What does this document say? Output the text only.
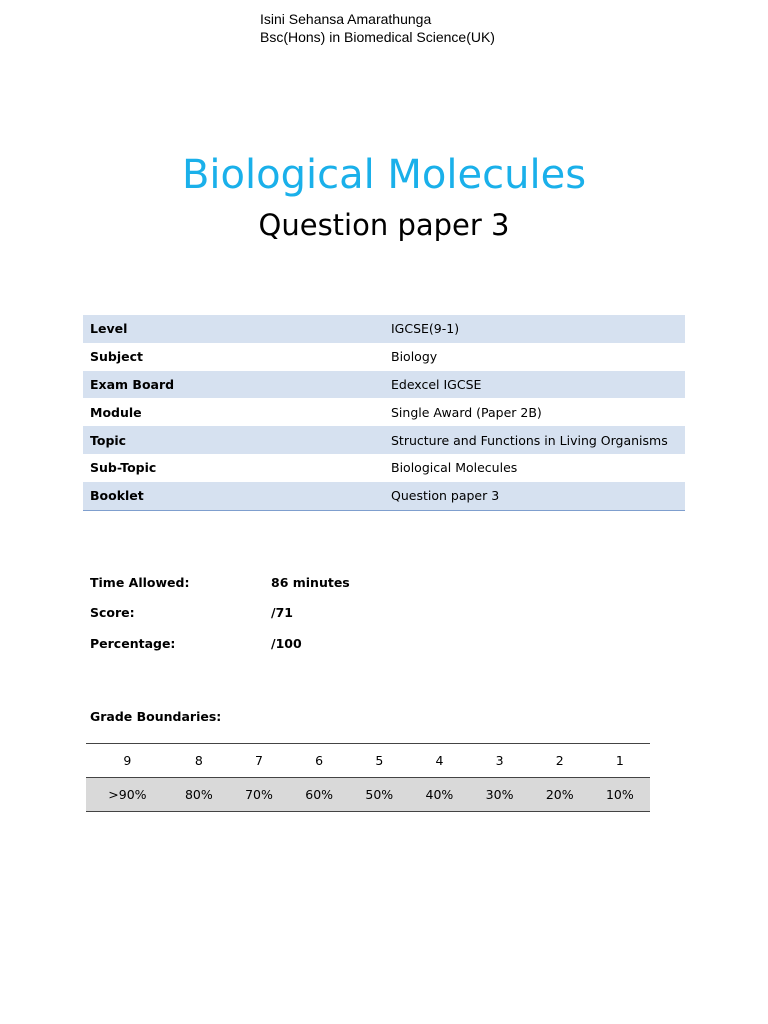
Isini Sehansa Amarathunga
Bsc(Hons) in Biomedical Science(UK)
Biological Molecules
Question paper 3
Level	IGCSE(9-1)
Subject	Biology
Exam Board	Edexcel IGCSE
Module	Single Award (Paper 2B)
Topic	Structure and Functions in Living Organisms
Sub-Topic	Biological Molecules
Booklet	Question paper 3
Time Allowed:	86 minutes
Score:	/71
Percentage:	/100
Grade Boundaries:
9	8	7	6	5	4	3	2	1
>90%	80%	70%	60%	50%	40%	30%	20%	10%
